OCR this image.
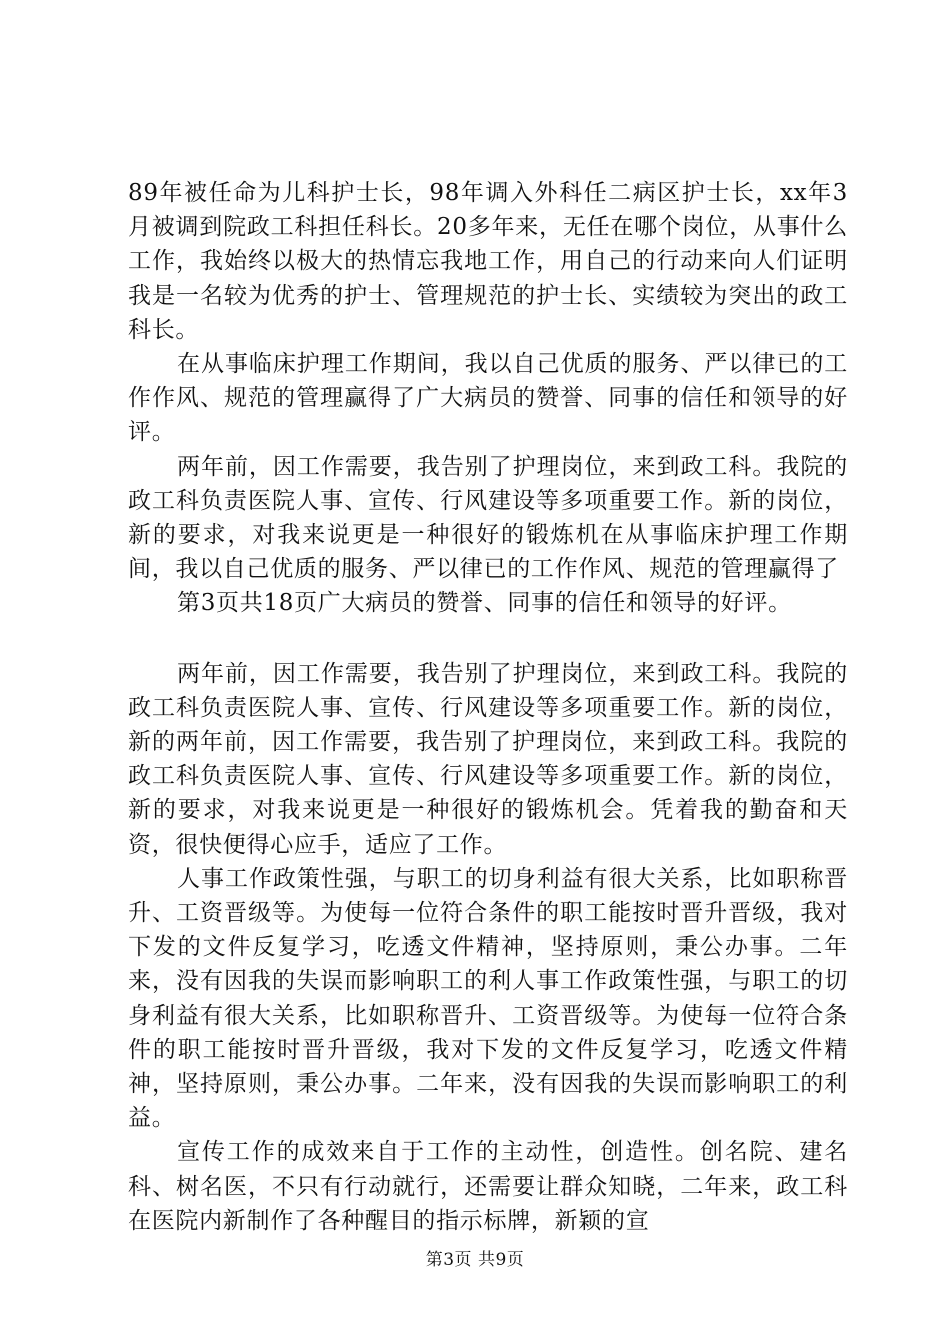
89年被任命为儿科护士长，98年调入外科任二病区护士长，xx年3月被调到院政工科担任科长。20多年来，无任在哪个岗位，从事什么工作，我始终以极大的热情忘我地工作，用自己的行动来向人们证明我是一名较为优秀的护士、管理规范的护士长、实绩较为突出的政工科长。

在从事临床护理工作期间，我以自己优质的服务、严以律已的工作作风、规范的管理赢得了广大病员的赞誉、同事的信任和领导的好评。

两年前，因工作需要，我告别了护理岗位，来到政工科。我院的政工科负责医院人事、宣传、行风建设等多项重要工作。新的岗位，新的要求，对我来说更是一种很好的锻炼机在从事临床护理工作期间，我以自己优质的服务、严以律已的工作作风、规范的管理赢得了

第3页共18页广大病员的赞誉、同事的信任和领导的好评。

两年前，因工作需要，我告别了护理岗位，来到政工科。我院的政工科负责医院人事、宣传、行风建设等多项重要工作。新的岗位，新的两年前，因工作需要，我告别了护理岗位，来到政工科。我院的政工科负责医院人事、宣传、行风建设等多项重要工作。新的岗位，新的要求，对我来说更是一种很好的锻炼机会。凭着我的勤奋和天资，很快便得心应手，适应了工作。

人事工作政策性强，与职工的切身利益有很大关系，比如职称晋升、工资晋级等。为使每一位符合条件的职工能按时晋升晋级，我对下发的文件反复学习，吃透文件精神，坚持原则，秉公办事。二年来，没有因我的失误而影响职工的利人事工作政策性强，与职工的切身利益有很大关系，比如职称晋升、工资晋级等。为使每一位符合条件的职工能按时晋升晋级，我对下发的文件反复学习，吃透文件精神，坚持原则，秉公办事。二年来，没有因我的失误而影响职工的利益。

宣传工作的成效来自于工作的主动性，创造性。创名院、建名科、树名医，不只有行动就行，还需要让群众知晓，二年来，政工科在医院内新制作了各种醒目的指示标牌，新颖的宣

第3页 共9页
